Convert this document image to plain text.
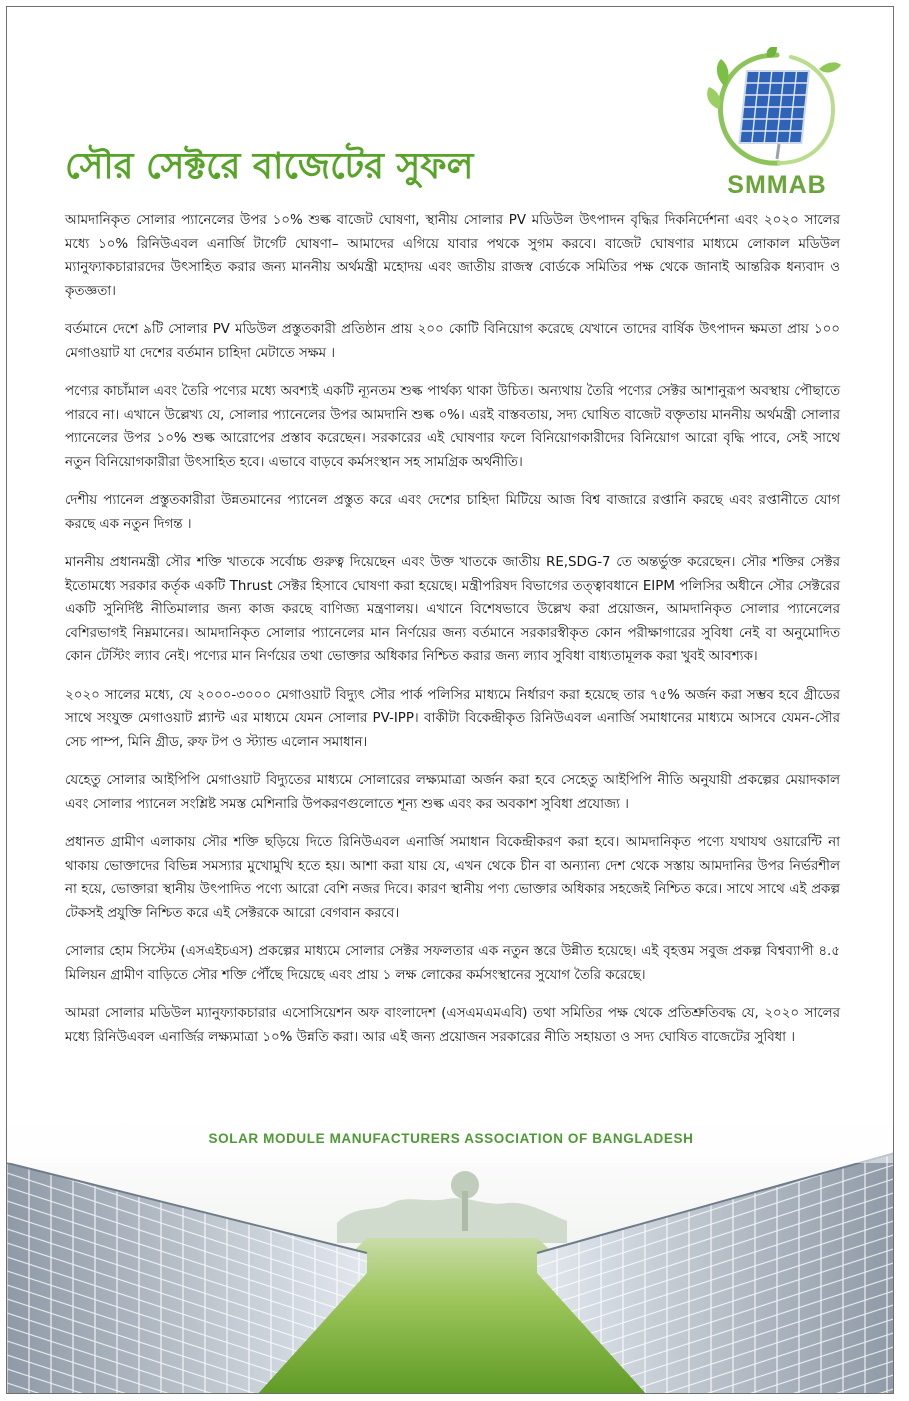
SMMAB
সৌর সেক্টরে বাজেটের সুফল

আমদানিকৃত সোলার প্যানেলের উপর ১০% শুল্ক বাজেট ঘোষণা, স্থানীয় সোলার PV মডিউল উৎপাদন বৃদ্ধির দিকনির্দেশনা এবং ২০২০ সালের মধ্যে ১০% রিনিউএবল এনার্জি টার্গেট ঘোষণা– আমাদের এগিয়ে যাবার পথকে সুগম করবে। বাজেট ঘোষণার মাধ্যমে লোকাল মডিউল ম্যানুফ্যাকচারারদের উৎসাহিত করার জন্য মাননীয় অর্থমন্ত্রী মহোদয় এবং জাতীয় রাজস্ব বোর্ডকে সমিতির পক্ষ থেকে জানাই আন্তরিক ধন্যবাদ ও কৃতজ্ঞতা।

বর্তমানে দেশে ৯টি সোলার PV মডিউল প্রস্তুতকারী প্রতিষ্ঠান প্রায় ২০০ কোটি বিনিয়োগ করেছে যেখানে তাদের বার্ষিক উৎপাদন ক্ষমতা প্রায় ১০০ মেগাওয়াট যা দেশের বর্তমান চাহিদা মেটাতে সক্ষম ।

পণ্যের কাচাঁমাল এবং তৈরি পণ্যের মধ্যে অবশ্যই একটি ন্যূনতম শুল্ক পার্থক্য থাকা উচিত। অন্যথায় তৈরি পণ্যের সেক্টর আশানুরূপ অবস্থায় পৌছাতে পারবে না। এখানে উল্লেখ্য যে, সোলার প্যানেলের উপর আমদানি শুল্ক ০%। এরই বাস্তবতায়, সদ্য ঘোষিত বাজেট বক্তৃতায় মাননীয় অর্থমন্ত্রী সোলার প্যানেলের উপর ১০% শুল্ক আরোপের প্রস্তাব করেছেন। সরকারের এই ঘোষণার ফলে বিনিয়োগকারীদের বিনিয়োগ আরো বৃদ্ধি পাবে, সেই সাথে নতুন বিনিয়োগকারীরা উৎসাহিত হবে। এভাবে বাড়বে কর্মসংস্থান সহ সামগ্রিক অর্থনীতি।

দেশীয় প্যানেল প্রস্তুতকারীরা উন্নতমানের প্যানেল প্রস্তুত করে এবং দেশের চাহিদা মিটিয়ে আজ বিশ্ব বাজারে রপ্তানি করছে এবং রপ্তানীতে যোগ করছে এক নতুন দিগন্ত ।

মাননীয় প্রধানমন্ত্রী সৌর শক্তি খাতকে সর্বোচ্চ গুরুত্ব দিয়েছেন এবং উক্ত খাতকে জাতীয় RE,SDG-7 তে অন্তর্ভুক্ত করেছেন। সৌর শক্তির সেক্টর ইতোমধ্যে সরকার কর্তৃক একটি Thrust সেক্টর হিসাবে ঘোষণা করা হয়েছে। মন্ত্রীপরিষদ বিভাগের তত্ত্বাবধানে EIPM পলিসির অধীনে সৌর সেক্টরের একটি সুনির্দিষ্ট নীতিমালার জন্য কাজ করছে বাণিজ্য মন্ত্রণালয়। এখানে বিশেষভাবে উল্লেখ করা প্রয়োজন, আমদানিকৃত সোলার প্যানেলের বেশিরভাগই নিম্নমানের। আমদানিকৃত সোলার প্যানেলের মান নির্ণয়ের জন্য বর্তমানে সরকারস্বীকৃত কোন পরীক্ষাগারের সুবিধা নেই বা অনুমোদিত কোন টেস্টিং ল্যাব নেই। পণ্যের মান নির্ণয়ের তথা ভোক্তার অধিকার নিশ্চিত করার জন্য ল্যাব সুবিধা বাধ্যতামূলক করা খুবই আবশ্যক।

২০২০ সালের মধ্যে, যে ২০০০-৩০০০ মেগাওয়াট বিদ্যুৎ সৌর পার্ক পলিসির মাধ্যমে নির্ধারণ করা হয়েছে তার ৭৫% অর্জন করা সম্ভব হবে গ্রীডের সাথে সংযুক্ত মেগাওয়াট প্ল্যান্ট এর মাধ্যমে যেমন সোলার PV-IPP। বাকীটা বিকেন্দ্রীকৃত রিনিউএবল এনার্জি সমাধানের মাধ্যমে আসবে যেমন-সৌর সেচ পাম্প, মিনি গ্রীড, রুফ টপ ও স্ট্যান্ড এলোন সমাধান।

যেহেতু সোলার আইপিপি মেগাওয়াট বিদ্যুতের মাধ্যমে সোলারের লক্ষ্যমাত্রা অর্জন করা হবে সেহেতু আইপিপি নীতি অনুযায়ী প্রকল্পের মেয়াদকাল এবং সোলার প্যানেল সংশ্লিষ্ট সমস্ত মেশিনারি উপকরণগুলোতে শূন্য শুল্ক এবং কর অবকাশ সুবিধা প্রযোজ্য ।

প্রধানত গ্রামীণ এলাকায় সৌর শক্তি ছড়িয়ে দিতে রিনিউএবল এনার্জি সমাধান বিকেন্দ্রীকরণ করা হবে। আমদানিকৃত পণ্যে যথাযথ ওয়ারেন্টি না থাকায় ভোক্তাদের বিভিন্ন সমস্যার মুখোমুখি হতে হয়। আশা করা যায় যে, এখন থেকে চীন বা অন্যান্য দেশ থেকে সস্তায় আমদানির উপর নির্ভরশীল না হয়ে, ভোক্তারা স্থানীয় উৎপাদিত পণ্যে আরো বেশি নজর দিবে। কারণ স্থানীয় পণ্য ভোক্তার অধিকার সহজেই নিশ্চিত করে। সাথে সাথে এই প্রকল্প টেকসই প্রযুক্তি নিশ্চিত করে এই সেক্টরকে আরো বেগবান করবে।

সোলার হোম সিস্টেম (এসএইচএস) প্রকল্পের মাধ্যমে সোলার সেক্টর সফলতার এক নতুন স্তরে উন্নীত হয়েছে। এই বৃহত্তম সবুজ প্রকল্প বিশ্বব্যাপী ৪.৫ মিলিয়ন গ্রামীণ বাড়িতে সৌর শক্তি পৌঁছে দিয়েছে এবং প্রায় ১ লক্ষ লোকের কর্মসংস্থানের সুযোগ তৈরি করেছে।

আমরা সোলার মডিউল ম্যানুফ্যাকচারার এসোসিয়েশন অফ বাংলাদেশ (এসএমএমএবি) তথা সমিতির পক্ষ থেকে প্রতিশ্রুতিবদ্ধ যে, ২০২০ সালের মধ্যে রিনিউএবল এনার্জির লক্ষ্যমাত্রা ১০% উন্নতি করা। আর এই জন্য প্রয়োজন সরকারের নীতি সহায়তা ও সদ্য ঘোষিত বাজেটের সুবিধা ।

SOLAR MODULE MANUFACTURERS ASSOCIATION OF BANGLADESH
